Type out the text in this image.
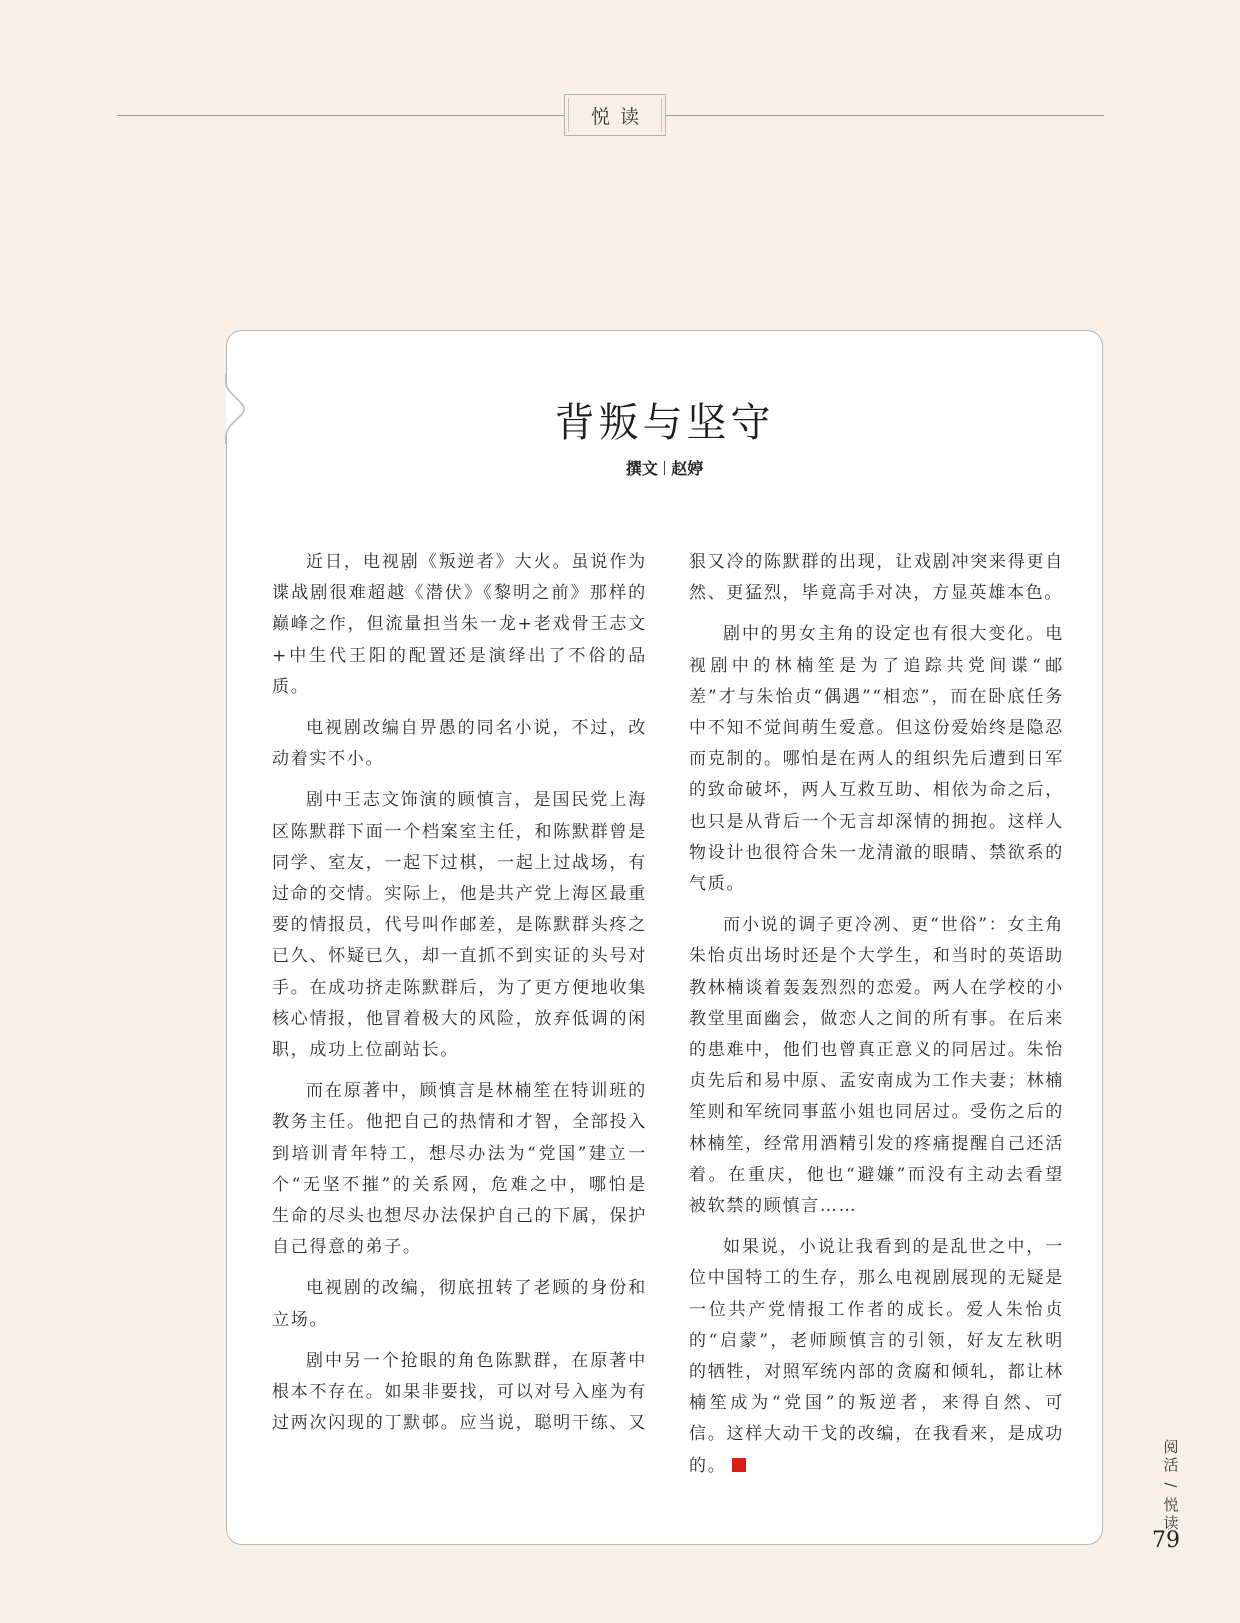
悦读
背叛与坚守
撰文 赵婷

近日，电视剧《叛逆者》大火。虽说作为谍战剧很难超越《潜伏》《黎明之前》那样的巅峰之作，但流量担当朱一龙+老戏骨王志文+中生代王阳的配置还是演绎出了不俗的品质。

电视剧改编自畀愚的同名小说，不过，改动着实不小。

剧中王志文饰演的顾慎言，是国民党上海区陈默群下面一个档案室主任，和陈默群曾是同学、室友，一起下过棋，一起上过战场，有过命的交情。实际上，他是共产党上海区最重要的情报员，代号叫作邮差，是陈默群头疼之已久、怀疑已久，却一直抓不到实证的头号对手。在成功挤走陈默群后，为了更方便地收集核心情报，他冒着极大的风险，放弃低调的闲职，成功上位副站长。

而在原著中，顾慎言是林楠笙在特训班的教务主任。他把自己的热情和才智，全部投入到培训青年特工，想尽办法为“党国”建立一个“无坚不摧”的关系网，危难之中，哪怕是生命的尽头也想尽办法保护自己的下属，保护自己得意的弟子。

电视剧的改编，彻底扭转了老顾的身份和立场。

剧中另一个抢眼的角色陈默群，在原著中根本不存在。如果非要找，可以对号入座为有过两次闪现的丁默邨。应当说，聪明干练、又狠又冷的陈默群的出现，让戏剧冲突来得更自然、更猛烈，毕竟高手对决，方显英雄本色。

剧中的男女主角的设定也有很大变化。电视剧中的林楠笙是为了追踪共党间谍“邮差”才与朱怡贞“偶遇”“相恋”，而在卧底任务中不知不觉间萌生爱意。但这份爱始终是隐忍而克制的。哪怕是在两人的组织先后遭到日军的致命破坏，两人互救互助、相依为命之后，也只是从背后一个无言却深情的拥抱。这样人物设计也很符合朱一龙清澈的眼睛、禁欲系的气质。

而小说的调子更冷冽、更“世俗”：女主角朱怡贞出场时还是个大学生，和当时的英语助教林楠谈着轰轰烈烈的恋爱。两人在学校的小教堂里面幽会，做恋人之间的所有事。在后来的患难中，他们也曾真正意义的同居过。朱怡贞先后和易中原、孟安南成为工作夫妻；林楠笙则和军统同事蓝小姐也同居过。受伤之后的林楠笙，经常用酒精引发的疼痛提醒自己还活着。在重庆，他也“避嫌”而没有主动去看望被软禁的顾慎言……

如果说，小说让我看到的是乱世之中，一位中国特工的生存，那么电视剧展现的无疑是一位共产党情报工作者的成长。爱人朱怡贞的“启蒙”，老师顾慎言的引领，好友左秋明的牺牲，对照军统内部的贪腐和倾轧，都让林楠笙成为“党国”的叛逆者，来得自然、可信。这样大动干戈的改编，在我看来，是成功的。

阅活
/
悦读
79
